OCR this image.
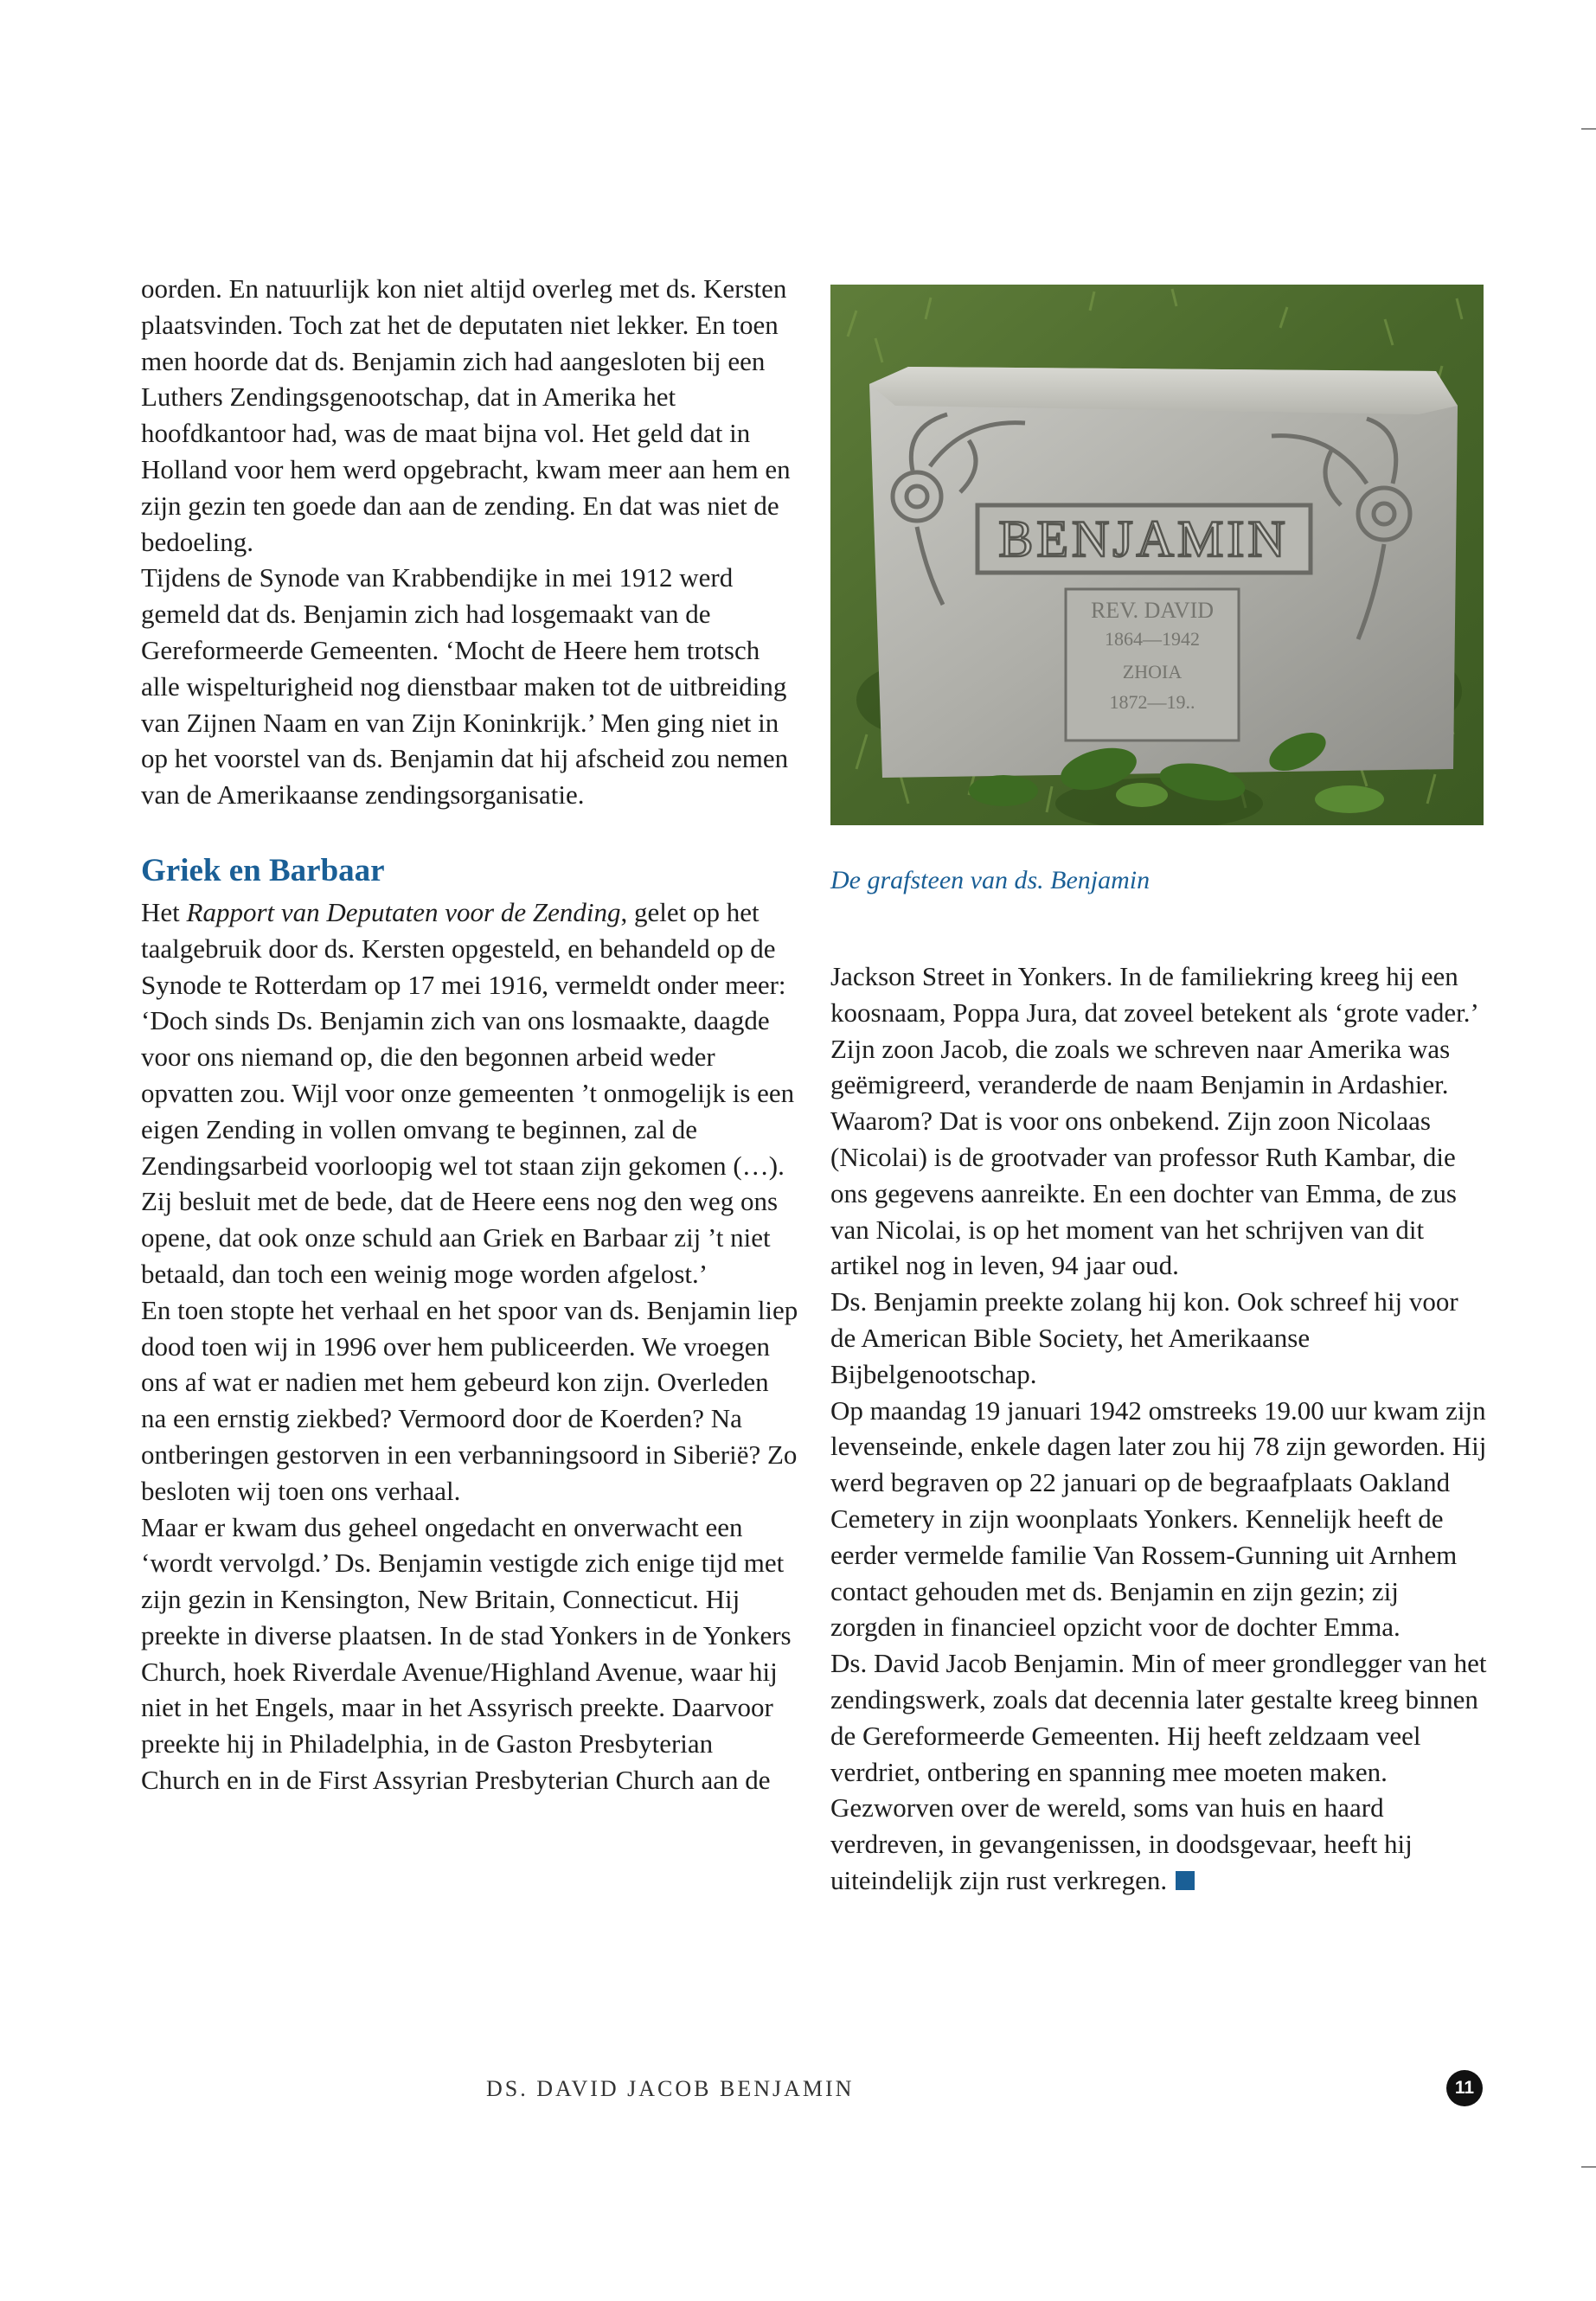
oorden. En natuurlijk kon niet altijd overleg met ds. Kersten plaatsvinden. Toch zat het de deputaten niet lekker. En toen men hoorde dat ds. Benjamin zich had aangesloten bij een Luthers Zendingsgenootschap, dat in Amerika het hoofdkantoor had, was de maat bijna vol. Het geld dat in Holland voor hem werd opgebracht, kwam meer aan hem en zijn gezin ten goede dan aan de zending. En dat was niet de bedoeling.

Tijdens de Synode van Krabbendijke in mei 1912 werd gemeld dat ds. Benjamin zich had losgemaakt van de Gereformeerde Gemeenten. ‘Mocht de Heere hem trotsch alle wispelturigheid nog dienstbaar maken tot de uitbreiding van Zijnen Naam en van Zijn Koninkrijk.’ Men ging niet in op het voorstel van ds. Benjamin dat hij afscheid zou nemen van de Amerikaanse zendingsorganisatie.

Griek en Barbaar

Het Rapport van Deputaten voor de Zending, gelet op het taalgebruik door ds. Kersten opgesteld, en behandeld op de Synode te Rotterdam op 17 mei 1916, vermeldt onder meer: ‘Doch sinds Ds. Benjamin zich van ons losmaakte, daagde voor ons niemand op, die den begonnen arbeid weder opvatten zou. Wijl voor onze gemeenten ’t onmogelijk is een eigen Zending in vollen omvang te beginnen, zal de Zendingsarbeid voorloopig wel tot staan zijn gekomen (…). Zij besluit met de bede, dat de Heere eens nog den weg ons opene, dat ook onze schuld aan Griek en Barbaar zij ’t niet betaald, dan toch een weinig moge worden afgelost.’

En toen stopte het verhaal en het spoor van ds. Benjamin liep dood toen wij in 1996 over hem publiceerden. We vroegen ons af wat er nadien met hem gebeurd kon zijn. Overleden na een ernstig ziekbed? Vermoord door de Koerden? Na ontberingen gestorven in een verbanningsoord in Siberië? Zo besloten wij toen ons verhaal.

Maar er kwam dus geheel ongedacht en onverwacht een ‘wordt vervolgd.’ Ds. Benjamin vestigde zich enige tijd met zijn gezin in Kensington, New Britain, Connecticut. Hij preekte in diverse plaatsen. In de stad Yonkers in de Yonkers Church, hoek Riverdale Avenue/Highland Avenue, waar hij niet in het Engels, maar in het Assyrisch preekte. Daarvoor preekte hij in Philadelphia, in de Gaston Presbyterian Church en in de First Assyrian Presbyterian Church aan de

BENJAMIN
REV. DAVID
1864—1942
ZHOIA
1872—19..
De grafsteen van ds. Benjamin

Jackson Street in Yonkers. In de familiekring kreeg hij een koosnaam, Poppa Jura, dat zoveel betekent als ‘grote vader.’ Zijn zoon Jacob, die zoals we schreven naar Amerika was geëmigreerd, veranderde de naam Benjamin in Ardashier. Waarom? Dat is voor ons onbekend. Zijn zoon Nicolaas (Nicolai) is de grootvader van professor Ruth Kambar, die ons gegevens aanreikte. En een dochter van Emma, de zus van Nicolai, is op het moment van het schrijven van dit artikel nog in leven, 94 jaar oud.

Ds. Benjamin preekte zolang hij kon. Ook schreef hij voor de American Bible Society, het Amerikaanse Bijbelgenootschap.

Op maandag 19 januari 1942 omstreeks 19.00 uur kwam zijn levenseinde, enkele dagen later zou hij 78 zijn geworden. Hij werd begraven op 22 januari op de begraafplaats Oakland Cemetery in zijn woonplaats Yonkers. Kennelijk heeft de eerder vermelde familie Van Rossem-Gunning uit Arnhem contact gehouden met ds. Benjamin en zijn gezin; zij zorgden in financieel opzicht voor de dochter Emma.

Ds. David Jacob Benjamin. Min of meer grondlegger van het zendingswerk, zoals dat decennia later gestalte kreeg binnen de Gereformeerde Gemeenten. Hij heeft zeldzaam veel verdriet, ontbering en spanning mee moeten maken. Gezworven over de wereld, soms van huis en haard verdreven, in gevangenissen, in doodsgevaar, heeft hij uiteindelijk zijn rust verkregen.

DS. DAVID JACOB BENJAMIN	11
